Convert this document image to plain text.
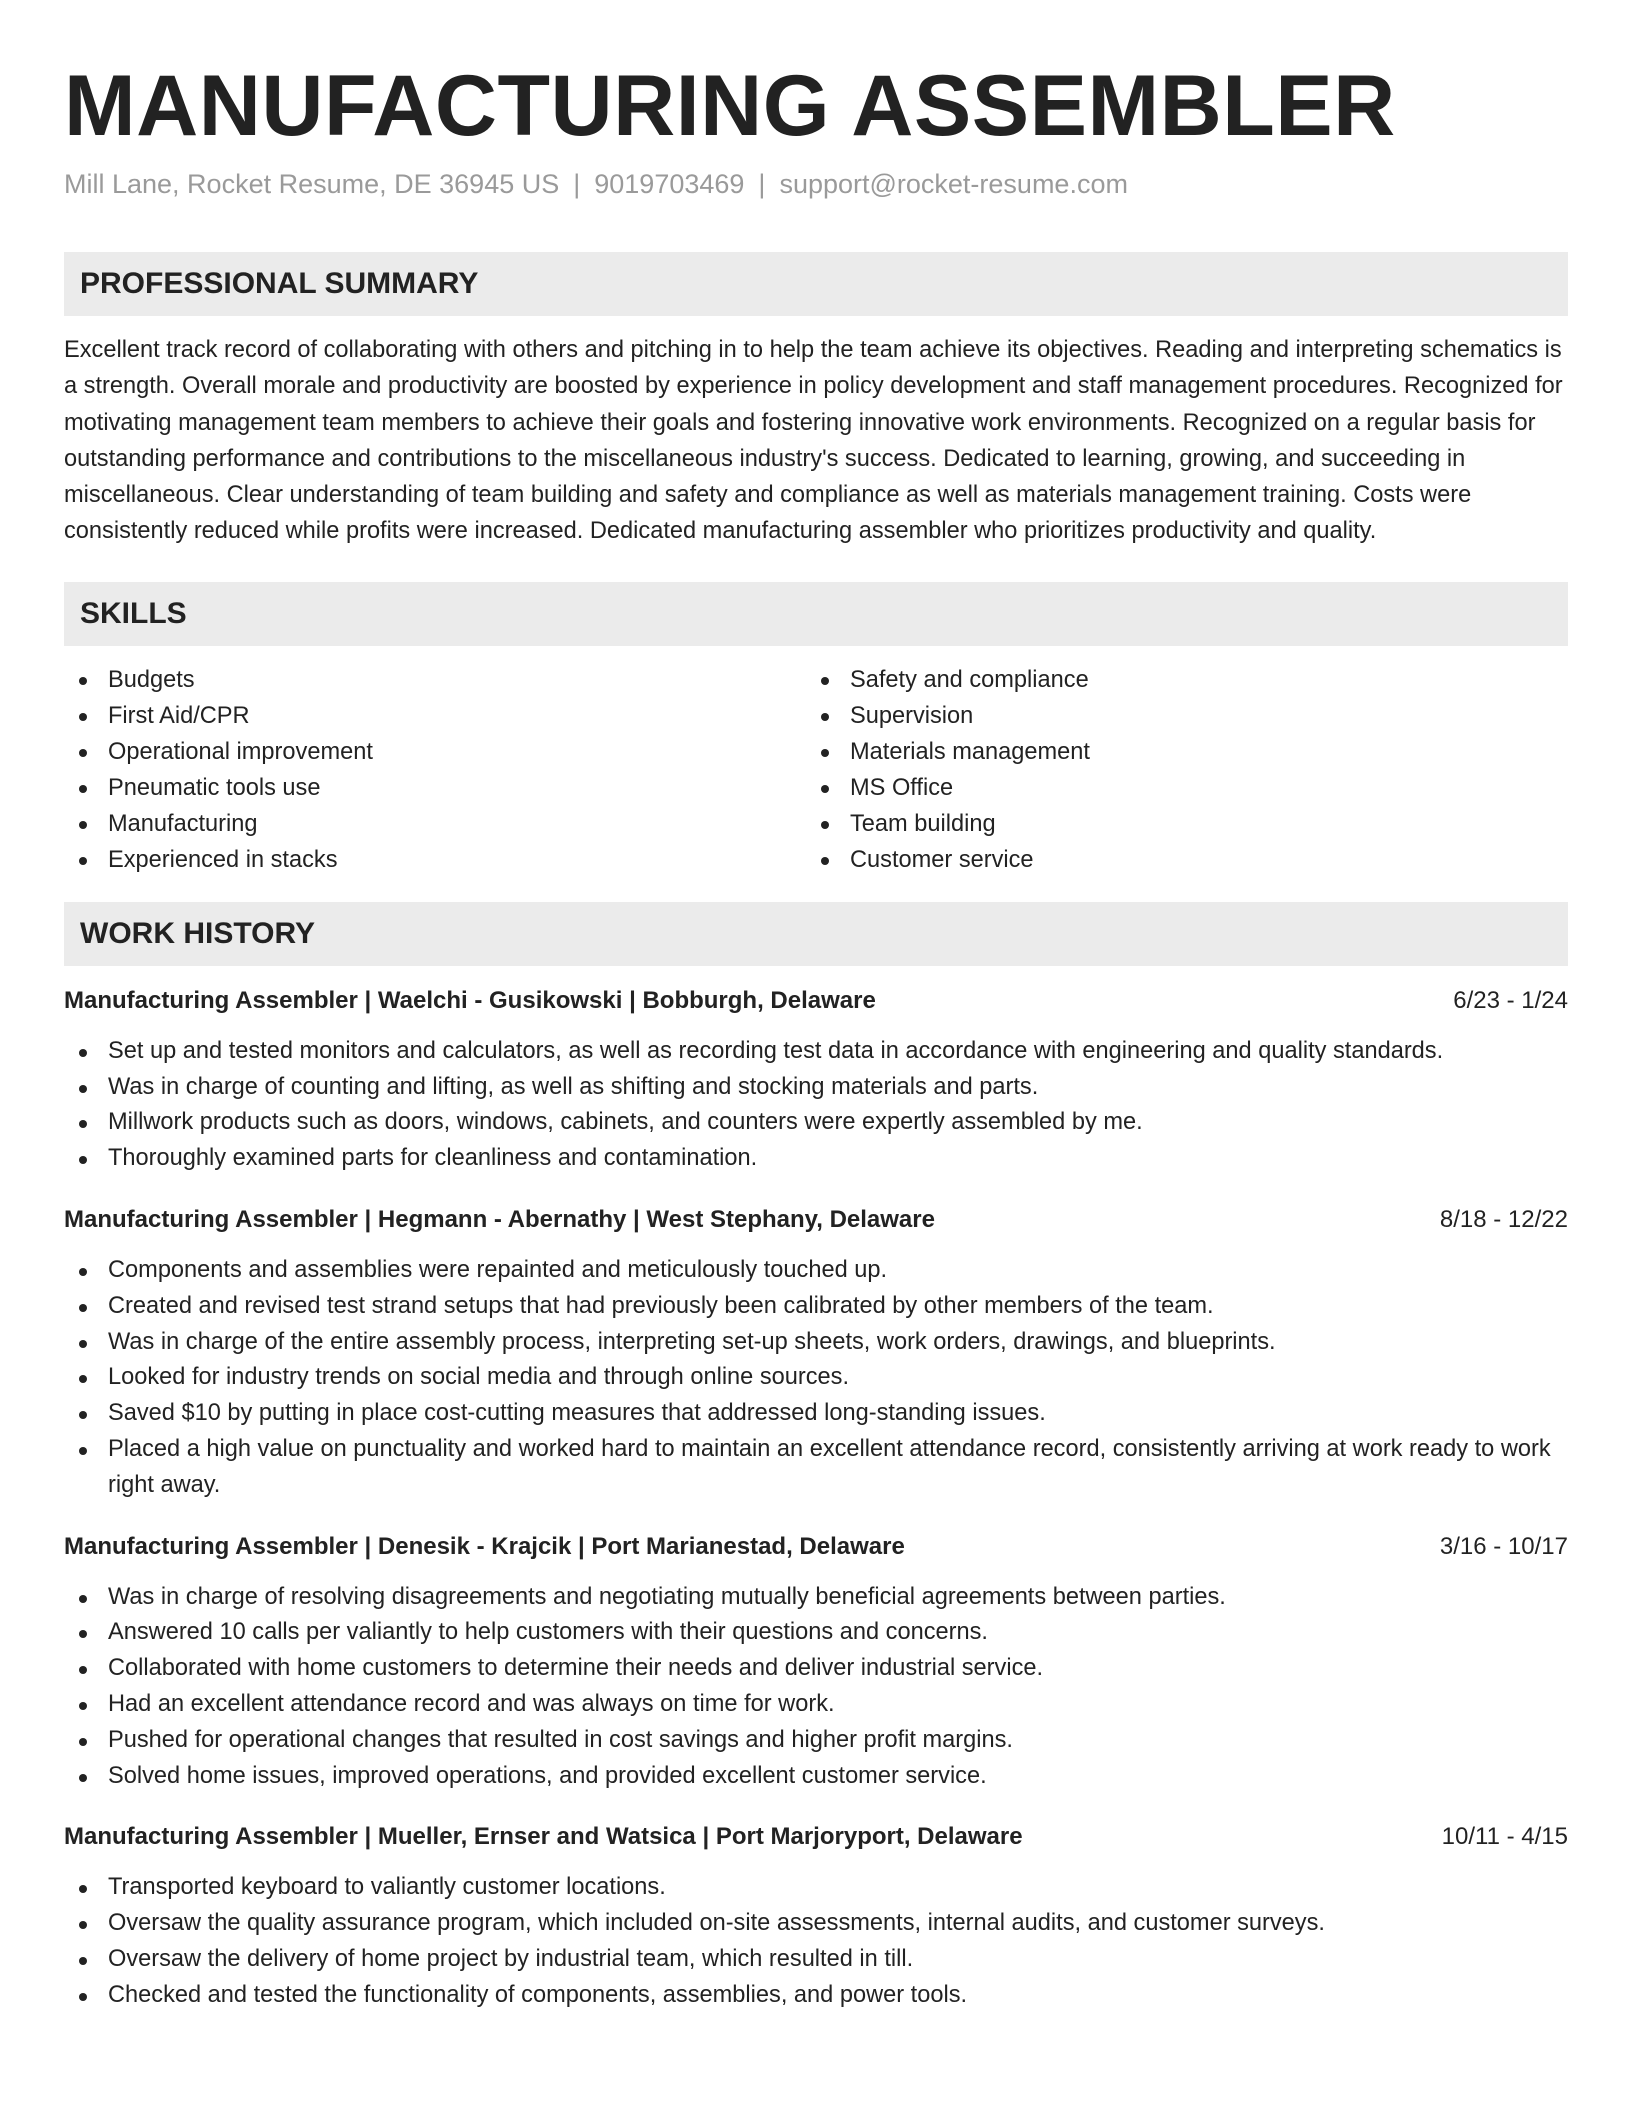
MANUFACTURING ASSEMBLER
Mill Lane, Rocket Resume, DE 36945 US | 9019703469 | support@rocket-resume.com
PROFESSIONAL SUMMARY

Excellent track record of collaborating with others and pitching in to help the team achieve its objectives. Reading and interpreting schematics is a strength. Overall morale and productivity are boosted by experience in policy development and staff management procedures. Recognized for motivating management team members to achieve their goals and fostering innovative work environments. Recognized on a regular basis for outstanding performance and contributions to the miscellaneous industry's success. Dedicated to learning, growing, and succeeding in miscellaneous. Clear understanding of team building and safety and compliance as well as materials management training. Costs were consistently reduced while profits were increased. Dedicated manufacturing assembler who prioritizes productivity and quality.

SKILLS
Budgets
First Aid/CPR
Operational improvement
Pneumatic tools use
Manufacturing
Experienced in stacks
Safety and compliance
Supervision
Materials management
MS Office
Team building
Customer service
WORK HISTORY
Manufacturing Assembler | Waelchi - Gusikowski | Bobburgh, Delaware	6/23 - 1/24
Set up and tested monitors and calculators, as well as recording test data in accordance with engineering and quality standards.
Was in charge of counting and lifting, as well as shifting and stocking materials and parts.
Millwork products such as doors, windows, cabinets, and counters were expertly assembled by me.
Thoroughly examined parts for cleanliness and contamination.
Manufacturing Assembler | Hegmann - Abernathy | West Stephany, Delaware	8/18 - 12/22
Components and assemblies were repainted and meticulously touched up.
Created and revised test strand setups that had previously been calibrated by other members of the team.
Was in charge of the entire assembly process, interpreting set-up sheets, work orders, drawings, and blueprints.
Looked for industry trends on social media and through online sources.
Saved $10 by putting in place cost-cutting measures that addressed long-standing issues.
Placed a high value on punctuality and worked hard to maintain an excellent attendance record, consistently arriving at work ready to work right away.
Manufacturing Assembler | Denesik - Krajcik | Port Marianestad, Delaware	3/16 - 10/17
Was in charge of resolving disagreements and negotiating mutually beneficial agreements between parties.
Answered 10 calls per valiantly to help customers with their questions and concerns.
Collaborated with home customers to determine their needs and deliver industrial service.
Had an excellent attendance record and was always on time for work.
Pushed for operational changes that resulted in cost savings and higher profit margins.
Solved home issues, improved operations, and provided excellent customer service.
Manufacturing Assembler | Mueller, Ernser and Watsica | Port Marjoryport, Delaware	10/11 - 4/15
Transported keyboard to valiantly customer locations.
Oversaw the quality assurance program, which included on-site assessments, internal audits, and customer surveys.
Oversaw the delivery of home project by industrial team, which resulted in till.
Checked and tested the functionality of components, assemblies, and power tools.
